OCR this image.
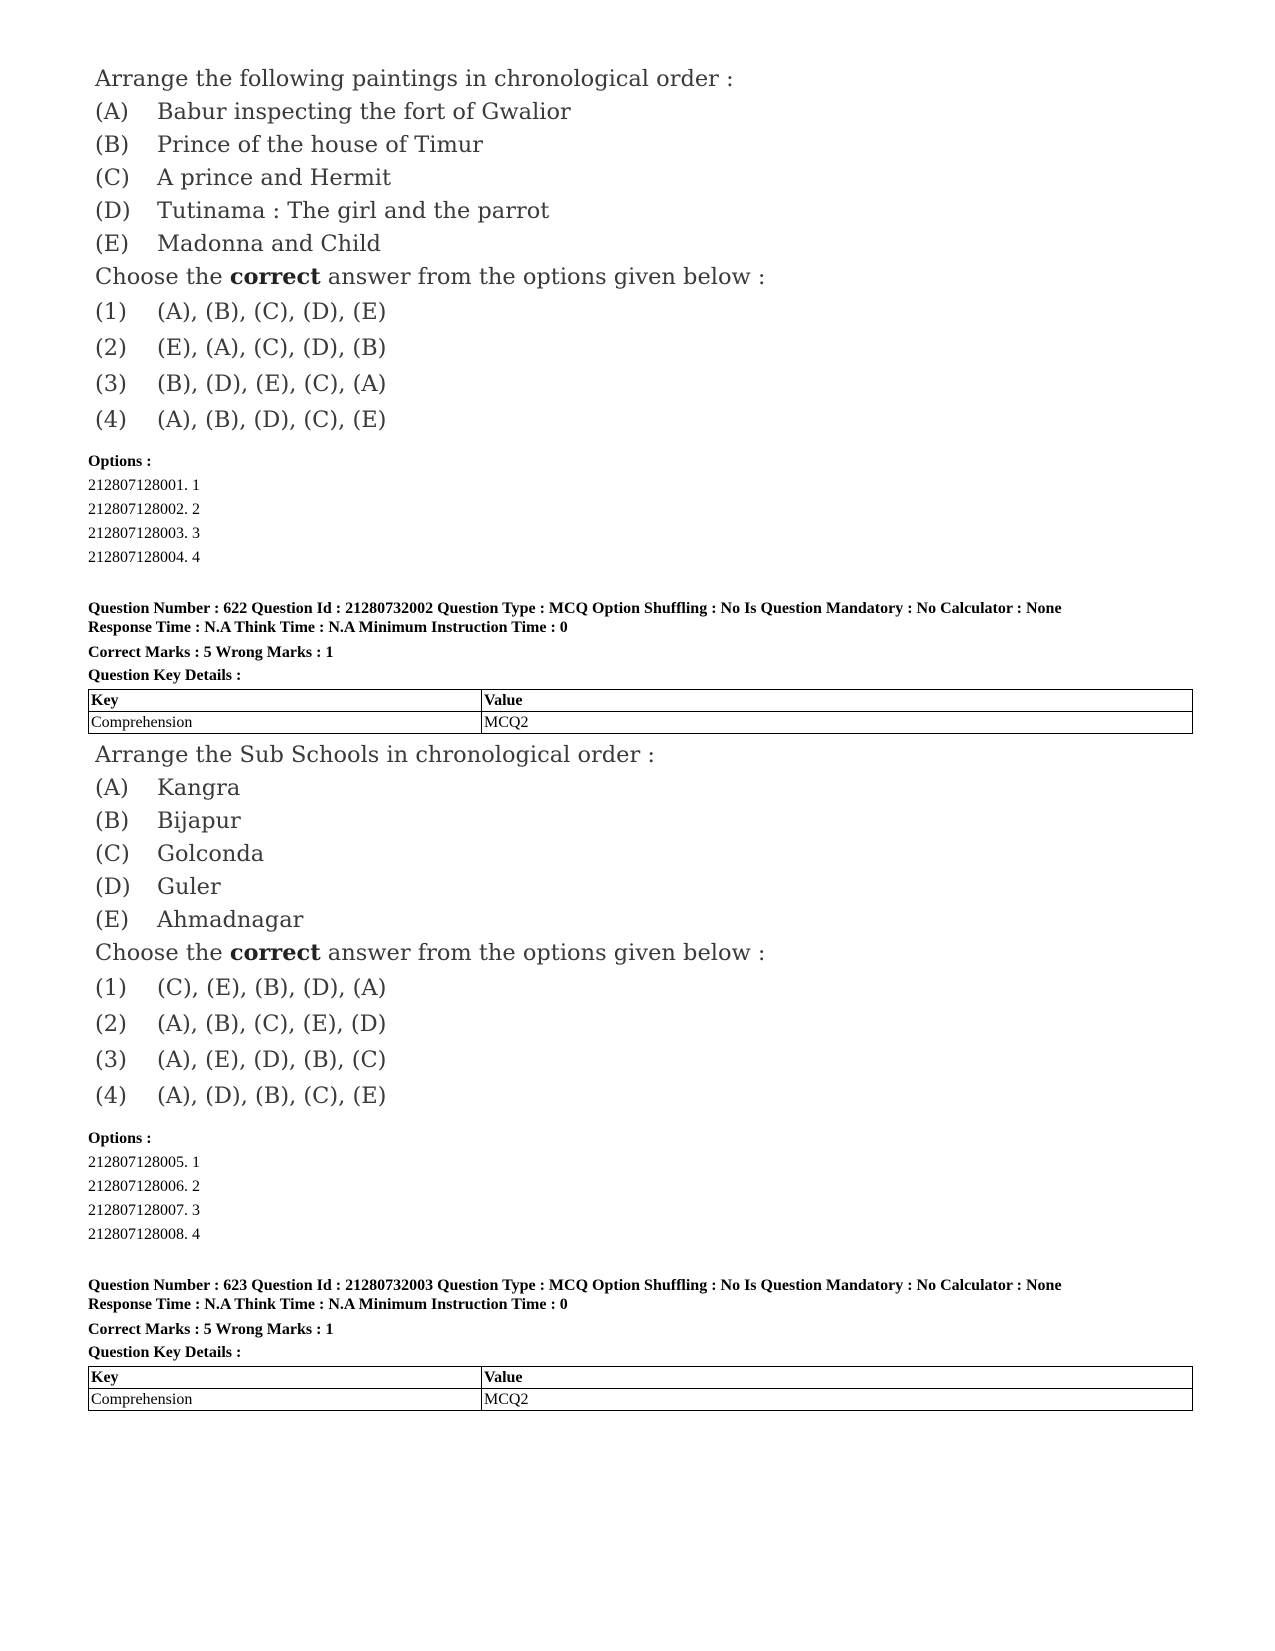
Arrange the following paintings in chronological order :
(A)	Babur inspecting the fort of Gwalior
(B)	Prince of the house of Timur
(C)	A prince and Hermit
(D)	Tutinama : The girl and the parrot
(E)	Madonna and Child
Choose the correct answer from the options given below :
(1)	(A), (B), (C), (D), (E)
(2)	(E), (A), (C), (D), (B)
(3)	(B), (D), (E), (C), (A)
(4)	(A), (B), (D), (C), (E)
Options :
212807128001. 1
212807128002. 2
212807128003. 3
212807128004. 4
Question Number : 622 Question Id : 21280732002 Question Type : MCQ Option Shuffling : No Is Question Mandatory : No Calculator : None
Response Time : N.A Think Time : N.A Minimum Instruction Time : 0
Correct Marks : 5 Wrong Marks : 1
Question Key Details :
Key	Value
Comprehension	MCQ2
Arrange the Sub Schools in chronological order :
(A)	Kangra
(B)	Bijapur
(C)	Golconda
(D)	Guler
(E)	Ahmadnagar
Choose the correct answer from the options given below :
(1)	(C), (E), (B), (D), (A)
(2)	(A), (B), (C), (E), (D)
(3)	(A), (E), (D), (B), (C)
(4)	(A), (D), (B), (C), (E)
Options :
212807128005. 1
212807128006. 2
212807128007. 3
212807128008. 4
Question Number : 623 Question Id : 21280732003 Question Type : MCQ Option Shuffling : No Is Question Mandatory : No Calculator : None
Response Time : N.A Think Time : N.A Minimum Instruction Time : 0
Correct Marks : 5 Wrong Marks : 1
Question Key Details :
Key	Value
Comprehension	MCQ2
